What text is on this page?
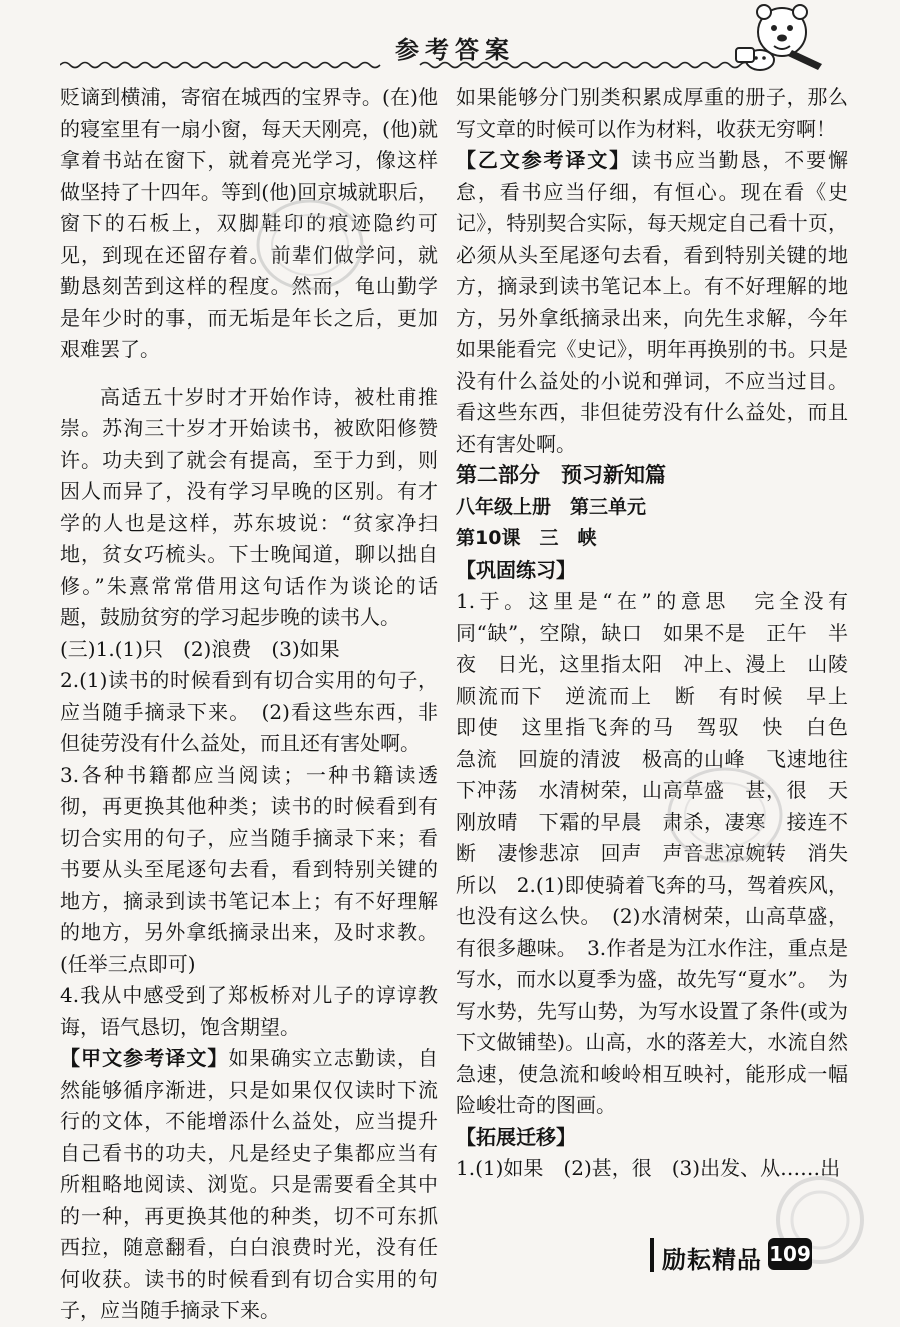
参考答案

贬谪到横浦，寄宿在城西的宝界寺。(在)他的寝室里有一扇小窗，每天天刚亮，(他)就拿着书站在窗下，就着亮光学习，像这样做坚持了十四年。等到(他)回京城就职后，窗下的石板上，双脚鞋印的痕迹隐约可见，到现在还留存着。前辈们做学问，就勤恳刻苦到这样的程度。然而，龟山勤学是年少时的事，而无垢是年长之后，更加艰难罢了。

高适五十岁时才开始作诗，被杜甫推崇。苏洵三十岁才开始读书，被欧阳修赞许。功夫到了就会有提高，至于力到，则因人而异了，没有学习早晚的区别。有才学的人也是这样，苏东坡说：“贫家净扫地，贫女巧梳头。下士晚闻道，聊以拙自修。”朱熹常常借用这句话作为谈论的话题，鼓励贫穷的学习起步晚的读书人。

(三)1.(1)只　(2)浪费　(3)如果

2.(1)读书的时候看到有切合实用的句子，应当随手摘录下来。　(2)看这些东西，非但徒劳没有什么益处，而且还有害处啊。

3.各种书籍都应当阅读；一种书籍读透彻，再更换其他种类；读书的时候看到有切合实用的句子，应当随手摘录下来；看书要从头至尾逐句去看，看到特别关键的地方，摘录到读书笔记本上；有不好理解的地方，另外拿纸摘录出来，及时求教。(任举三点即可)

4.我从中感受到了郑板桥对儿子的谆谆教诲，语气恳切，饱含期望。

【甲文参考译文】如果确实立志勤读，自然能够循序渐进，只是如果仅仅读时下流行的文体，不能增添什么益处，应当提升自己看书的功夫，凡是经史子集都应当有所粗略地阅读、浏览。只是需要看全其中的一种，再更换其他的种类，切不可东抓西拉，随意翻看，白白浪费时光，没有任何收获。读书的时候看到有切合实用的句子，应当随手摘录下来。

如果能够分门别类积累成厚重的册子，那么写文章的时候可以作为材料，收获无穷啊！

【乙文参考译文】读书应当勤恳，不要懈怠，看书应当仔细，有恒心。现在看《史记》，特别契合实际，每天规定自己看十页，必须从头至尾逐句去看，看到特别关键的地方，摘录到读书笔记本上。有不好理解的地方，另外拿纸摘录出来，向先生求解，今年如果能看完《史记》，明年再换别的书。只是没有什么益处的小说和弹词，不应当过目。看这些东西，非但徒劳没有什么益处，而且还有害处啊。

第二部分　预习新知篇

八年级上册　第三单元

第10课　三　峡

【巩固练习】

1.于。这里是“在”的意思　完全没有　同“缺”，空隙，缺口　如果不是　正午　半夜　日光，这里指太阳　冲上、漫上　山陵　顺流而下　逆流而上　断　有时候　早上　即使　这里指飞奔的马　驾驭　快　白色　急流　回旋的清波　极高的山峰　飞速地往下冲荡　水清树荣，山高草盛　甚，很　天刚放晴　下霜的早晨　肃杀，凄寒　接连不断　凄惨悲凉　回声　声音悲凉婉转　消失　所以　2.(1)即使骑着飞奔的马，驾着疾风，也没有这么快。　(2)水清树荣，山高草盛，有很多趣味。　3.作者是为江水作注，重点是写水，而水以夏季为盛，故先写“夏水”。　为写水势，先写山势，为写水设置了条件(或为下文做铺垫)。山高，水的落差大，水流自然急速，使急流和峻岭相互映衬，能形成一幅险峻壮奇的图画。

【拓展迁移】

1.(1)如果　(2)甚，很　(3)出发、从……出

励耘精品 109
